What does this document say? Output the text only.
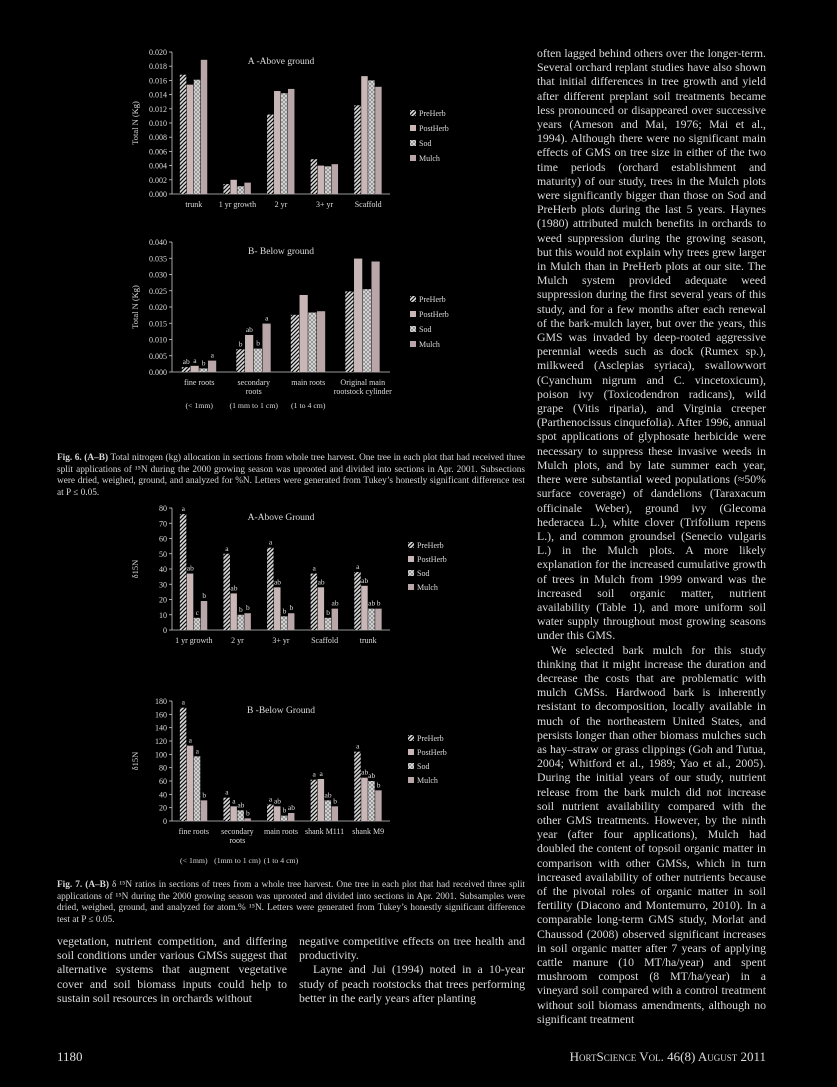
0.000
0.002
0.004
0.006
0.008
0.010
0.012
0.014
0.016
0.018
0.020
Total N (Kg)
A -Above ground
trunk 1 yr growth 2 yr	3+ yr	Scaffold
PreHerb
PostHerb
Sod
Mulch
0.000
0.005
0.010
0.015
0.020
0.025
0.030
0.035
0.040
Total N (Kg)
B- Below ground
ab a b
a
fine roots
(< 1mm)
b
ab
b
a
secondary
roots
(1 mm to 1 cm)
main roots
(1 to 4 cm)
Original main
rootstock cylinder
PreHerb
PostHerb
Sod
Mulch
0
10
20
30
40
50
60
70
80
δ15N
A-Above Ground
a
ab
c
b
1 yr growth
a
ab
b b
2 yr
a
ab
b b
3+ yr
a
ab
b
ab
Scaffold
a
ab
ab b
trunk
PreHerb
PostHerb
Sod
Mulch
0
20
40
60
80
100
120
140
160
180
δ15N
B -Below Ground
a
a
a
b
fine roots
(< 1mm)
a
a ab
b
secondary
roots
(1mm to 1 cm)
a ab
b ab
main roots
(1 to 4 cm)
a a
ab
b
shank M111
a
ab ab
b
shank M9
PreHerb
PostHerb
Sod
Mulch
Fig. 6. (A–B) Total nitrogen (kg) allocation in sections from whole tree harvest. One tree in each plot that had received three split applications of ¹⁵N during the 2000 growing season was uprooted and divided into sections in Apr. 2001. Subsections were dried, weighed, ground, and analyzed for %N. Letters were generated from Tukey’s honestly significant difference test at P ≤ 0.05.
Fig. 7. (A–B) δ ¹⁵N ratios in sections of trees from a whole tree harvest. One tree in each plot that had received three split applications of ¹⁵N during the 2000 growing season was uprooted and divided into sections in Apr. 2001. Subsamples were dried, weighed, ground, and analyzed for atom.% ¹⁵N. Letters were generated from Tukey’s honestly significant difference test at P ≤ 0.05.

vegetation, nutrient competition, and differing soil conditions under various GMSs suggest that alternative systems that augment vegetative cover and soil biomass inputs could help to sustain soil resources in orchards without

negative competitive effects on tree health and productivity.

Layne and Jui (1994) noted in a 10-year study of peach rootstocks that trees performing better in the early years after planting

often lagged behind others over the longer-term. Several orchard replant studies have also shown that initial differences in tree growth and yield after different preplant soil treatments became less pronounced or disappeared over successive years (Arneson and Mai, 1976; Mai et al., 1994). Although there were no significant main effects of GMS on tree size in either of the two time periods (orchard establishment and maturity) of our study, trees in the Mulch plots were significantly bigger than those on Sod and PreHerb plots during the last 5 years. Haynes (1980) attributed mulch benefits in orchards to weed suppression during the growing season, but this would not explain why trees grew larger in Mulch than in PreHerb plots at our site. The Mulch system provided adequate weed suppression during the first several years of this study, and for a few months after each renewal of the bark-mulch layer, but over the years, this GMS was invaded by deep-rooted aggressive perennial weeds such as dock (Rumex sp.), milkweed (Asclepias syriaca), swallowwort (Cyanchum nigrum and C. vincetoxicum), poison ivy (Toxicodendron radicans), wild grape (Vitis riparia), and Virginia creeper (Parthenocissus cinquefolia). After 1996, annual spot applications of glyphosate herbicide were necessary to suppress these invasive weeds in Mulch plots, and by late summer each year, there were substantial weed populations (≈50% surface coverage) of dandelions (Taraxacum officinale Weber), ground ivy (Glecoma hederacea L.), white clover (Trifolium repens L.), and common groundsel (Senecio vulgaris L.) in the Mulch plots. A more likely explanation for the increased cumulative growth of trees in Mulch from 1999 onward was the increased soil organic matter, nutrient availability (Table 1), and more uniform soil water supply throughout most growing seasons under this GMS.

We selected bark mulch for this study thinking that it might increase the duration and decrease the costs that are problematic with mulch GMSs. Hardwood bark is inherently resistant to decomposition, locally available in much of the northeastern United States, and persists longer than other biomass mulches such as hay–straw or grass clippings (Goh and Tutua, 2004; Whitford et al., 1989; Yao et al., 2005). During the initial years of our study, nutrient release from the bark mulch did not increase soil nutrient availability compared with the other GMS treatments. However, by the ninth year (after four applications), Mulch had doubled the content of topsoil organic matter in comparison with other GMSs, which in turn increased availability of other nutrients because of the pivotal roles of organic matter in soil fertility (Diacono and Montemurro, 2010). In a comparable long-term GMS study, Morlat and Chaussod (2008) observed significant increases in soil organic matter after 7 years of applying cattle manure (10 MT/ha/year) and spent mushroom compost (8 MT/ha/year) in a vineyard soil compared with a control treatment without soil biomass amendments, although no significant treatment

1180	HortScience Vol. 46(8) August 2011
